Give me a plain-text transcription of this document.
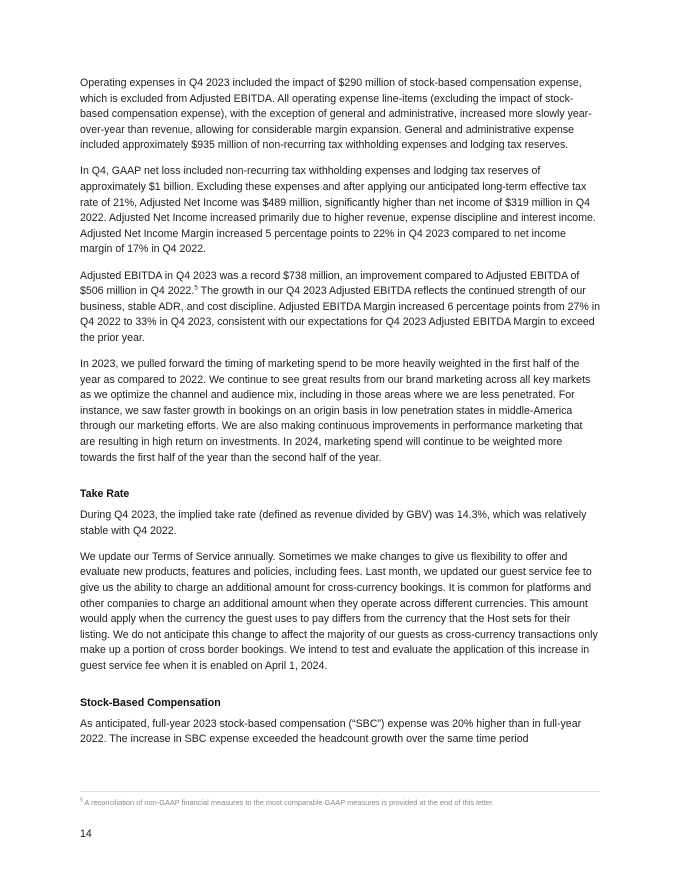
Operating expenses in Q4 2023 included the impact of $290 million of stock-based compensation expense, which is excluded from Adjusted EBITDA. All operating expense line-items (excluding the impact of stock-based compensation expense), with the exception of general and administrative, increased more slowly year-over-year than revenue, allowing for considerable margin expansion. General and administrative expense included approximately $935 million of non-recurring tax withholding expenses and lodging tax reserves.

In Q4, GAAP net loss included non-recurring tax withholding expenses and lodging tax reserves of approximately $1 billion. Excluding these expenses and after applying our anticipated long-term effective tax rate of 21%, Adjusted Net Income was $489 million, significantly higher than net income of $319 million in Q4 2022. Adjusted Net Income increased primarily due to higher revenue, expense discipline and interest income. Adjusted Net Income Margin increased 5 percentage points to 22% in Q4 2023 compared to net income margin of 17% in Q4 2022.

Adjusted EBITDA in Q4 2023 was a record $738 million, an improvement compared to Adjusted EBITDA of $506 million in Q4 2022.$^5$ The growth in our Q4 2023 Adjusted EBITDA reflects the continued strength of our business, stable ADR, and cost discipline. Adjusted EBITDA Margin increased 6 percentage points from 27% in Q4 2022 to 33% in Q4 2023, consistent with our expectations for Q4 2023 Adjusted EBITDA Margin to exceed the prior year.

In 2023, we pulled forward the timing of marketing spend to be more heavily weighted in the first half of the year as compared to 2022. We continue to see great results from our brand marketing across all key markets as we optimize the channel and audience mix, including in those areas where we are less penetrated. For instance, we saw faster growth in bookings on an origin basis in low penetration states in middle-America through our marketing efforts. We are also making continuous improvements in performance marketing that are resulting in high return on investments. In 2024, marketing spend will continue to be weighted more towards the first half of the year than the second half of the year.

Take Rate

During Q4 2023, the implied take rate (defined as revenue divided by GBV) was 14.3%, which was relatively stable with Q4 2022.

We update our Terms of Service annually. Sometimes we make changes to give us flexibility to offer and evaluate new products, features and policies, including fees. Last month, we updated our guest service fee to give us the ability to charge an additional amount for cross-currency bookings. It is common for platforms and other companies to charge an additional amount when they operate across different currencies. This amount would apply when the currency the guest uses to pay differs from the currency that the Host sets for their listing. We do not anticipate this change to affect the majority of our guests as cross-currency transactions only make up a portion of cross border bookings. We intend to test and evaluate the application of this increase in guest service fee when it is enabled on April 1, 2024.

Stock-Based Compensation

As anticipated, full-year 2023 stock-based compensation (“SBC”) expense was 20% higher than in full-year 2022. The increase in SBC expense exceeded the headcount growth over the same time period

$^5$ A reconciliation of non-GAAP financial measures to the most comparable GAAP measures is provided at the end of this letter.
14
